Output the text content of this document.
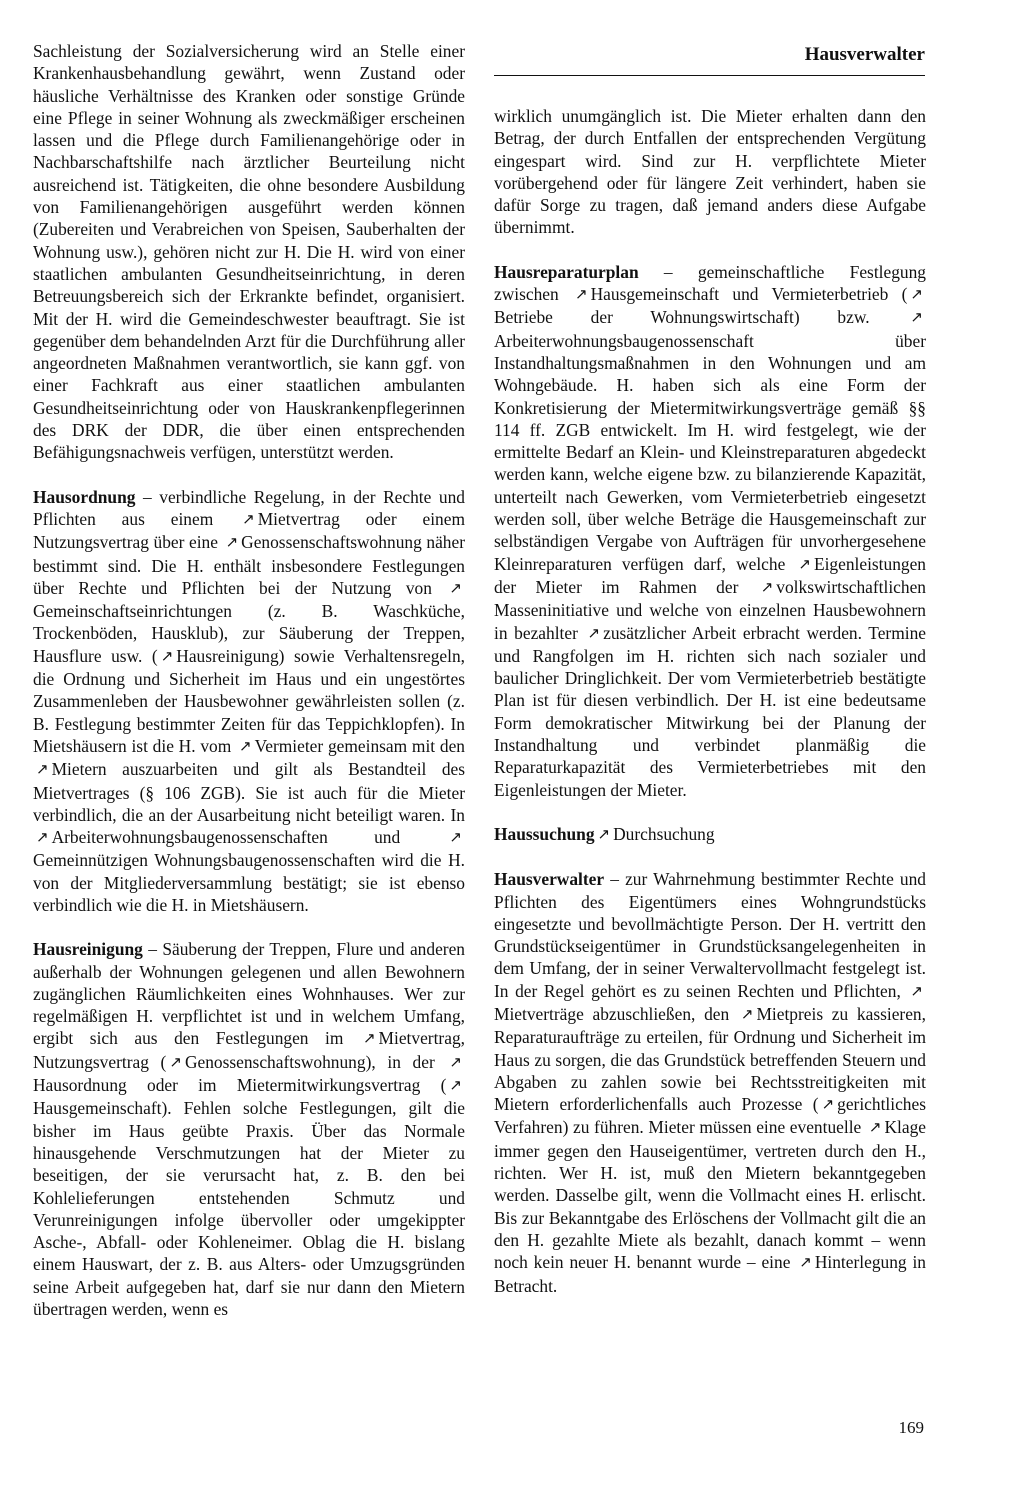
Hausverwalter

Sachleistung der Sozialversicherung wird an Stelle einer Krankenhausbehandlung gewährt, wenn Zustand oder häusliche Verhältnisse des Kranken oder sonstige Gründe eine Pflege in seiner Wohnung als zweckmäßiger erscheinen lassen und die Pflege durch Familienangehörige oder in Nachbarschaftshilfe nach ärztlicher Beurteilung nicht ausreichend ist. Tätigkeiten, die ohne besondere Ausbildung von Familienangehörigen ausgeführt werden können (Zubereiten und Verabreichen von Speisen, Sauberhalten der Wohnung usw.), gehören nicht zur H. Die H. wird von einer staatlichen ambulanten Gesundheitseinrichtung, in deren Betreuungsbereich sich der Erkrankte befindet, organisiert. Mit der H. wird die Gemeindeschwester beauftragt. Sie ist gegenüber dem behandelnden Arzt für die Durchführung aller angeordneten Maßnahmen verantwortlich, sie kann ggf. von einer Fachkraft aus einer staatlichen ambulanten Gesundheitseinrichtung oder von Hauskrankenpflegerinnen des DRK der DDR, die über einen entsprechenden Befähigungsnachweis verfügen, unterstützt werden.

Hausordnung – verbindliche Regelung, in der Rechte und Pflichten aus einem ↗ Mietvertrag oder einem Nutzungsvertrag über eine ↗ Genossenschaftswohnung näher bestimmt sind. Die H. enthält insbesondere Festlegungen über Rechte und Pflichten bei der Nutzung von ↗Gemeinschaftseinrichtungen (z. B. Waschküche, Trockenböden, Hausklub), zur Säuberung der Treppen, Hausflure usw. ( ↗ Hausreinigung) sowie Verhaltensregeln, die Ordnung und Sicherheit im Haus und ein ungestörtes Zusammenleben der Hausbewohner gewährleisten sollen (z. B. Festlegung bestimmter Zeiten für das Teppichklopfen). In Mietshäusern ist die H. vom ↗ Vermieter gemeinsam mit den ↗ Mietern auszuarbeiten und gilt als Bestandteil des Mietvertrages (§ 106 ZGB). Sie ist auch für die Mieter verbindlich, die an der Ausarbeitung nicht beteiligt waren. In ↗ Arbeiterwohnungsbaugenossenschaften und ↗Gemeinnützigen Wohnungsbaugenossenschaften wird die H. von der Mitgliederversammlung bestätigt; sie ist ebenso verbindlich wie die H. in Mietshäusern.

Hausreinigung – Säuberung der Treppen, Flure und anderen außerhalb der Wohnungen gelegenen und allen Bewohnern zugänglichen Räumlichkeiten eines Wohnhauses. Wer zur regelmäßigen H. verpflichtet ist und in welchem Umfang, ergibt sich aus den Festlegungen im ↗ Mietvertrag, Nutzungsvertrag ( ↗ Genossenschaftswohnung), in der ↗Hausordnung oder im Mietermitwirkungsvertrag ( ↗Hausgemeinschaft). Fehlen solche Festlegungen, gilt die bisher im Haus geübte Praxis. Über das Normale hinausgehende Verschmutzungen hat der Mieter zu beseitigen, der sie verursacht hat, z. B. den bei Kohlelieferungen entstehenden Schmutz und Verunreinigungen infolge übervoller oder umgekippter Asche-, Abfall- oder Kohleneimer. Oblag die H. bislang einem Hauswart, der z. B. aus Alters- oder Umzugsgründen seine Arbeit aufgegeben hat, darf sie nur dann den Mietern übertragen werden, wenn es

wirklich unumgänglich ist. Die Mieter erhalten dann den Betrag, der durch Entfallen der entsprechenden Vergütung eingespart wird. Sind zur H. verpflichtete Mieter vorübergehend oder für längere Zeit verhindert, haben sie dafür Sorge zu tragen, daß jemand anders diese Aufgabe übernimmt.

Hausreparaturplan – gemeinschaftliche Festlegung zwischen ↗ Hausgemeinschaft und Vermieterbetrieb ( ↗Betriebe der Wohnungswirtschaft) bzw. ↗Arbeiterwohnungsbaugenossenschaft über Instandhaltungsmaßnahmen in den Wohnungen und am Wohngebäude. H. haben sich als eine Form der Konkretisierung der Mietermitwirkungsverträge gemäß §§ 114 ff. ZGB entwickelt. Im H. wird festgelegt, wie der ermittelte Bedarf an Klein- und Kleinstreparaturen abgedeckt werden kann, welche eigene bzw. zu bilanzierende Kapazität, unterteilt nach Gewerken, vom Vermieterbetrieb eingesetzt werden soll, über welche Beträge die Hausgemeinschaft zur selbständigen Vergabe von Aufträgen für unvorhergesehene Kleinreparaturen verfügen darf, welche ↗ Eigenleistungen der Mieter im Rahmen der ↗ volkswirtschaftlichen Masseninitiative und welche von einzelnen Hausbewohnern in bezahlter ↗ zusätzlicher Arbeit erbracht werden. Termine und Rangfolgen im H. richten sich nach sozialer und baulicher Dringlichkeit. Der vom Vermieterbetrieb bestätigte Plan ist für diesen verbindlich. Der H. ist eine bedeutsame Form demokratischer Mitwirkung bei der Planung der Instandhaltung und verbindet planmäßig die Reparaturkapazität des Vermieterbetriebes mit den Eigenleistungen der Mieter.

Haussuchung ↗ Durchsuchung

Hausverwalter – zur Wahrnehmung bestimmter Rechte und Pflichten des Eigentümers eines Wohngrundstücks eingesetzte und bevollmächtigte Person. Der H. vertritt den Grundstückseigentümer in Grundstücksangelegenheiten in dem Umfang, der in seiner Verwaltervollmacht festgelegt ist. In der Regel gehört es zu seinen Rechten und Pflichten, ↗Mietverträge abzuschließen, den ↗ Mietpreis zu kassieren, Reparaturaufträge zu erteilen, für Ordnung und Sicherheit im Haus zu sorgen, die das Grundstück betreffenden Steuern und Abgaben zu zahlen sowie bei Rechtsstreitigkeiten mit Mietern erforderlichenfalls auch Prozesse ( ↗ gerichtliches Verfahren) zu führen. Mieter müssen eine eventuelle ↗ Klage immer gegen den Hauseigentümer, vertreten durch den H., richten. Wer H. ist, muß den Mietern bekanntgegeben werden. Dasselbe gilt, wenn die Vollmacht eines H. erlischt. Bis zur Bekanntgabe des Erlöschens der Vollmacht gilt die an den H. gezahlte Miete als bezahlt, danach kommt – wenn noch kein neuer H. benannt wurde – eine ↗ Hinterlegung in Betracht.

169
